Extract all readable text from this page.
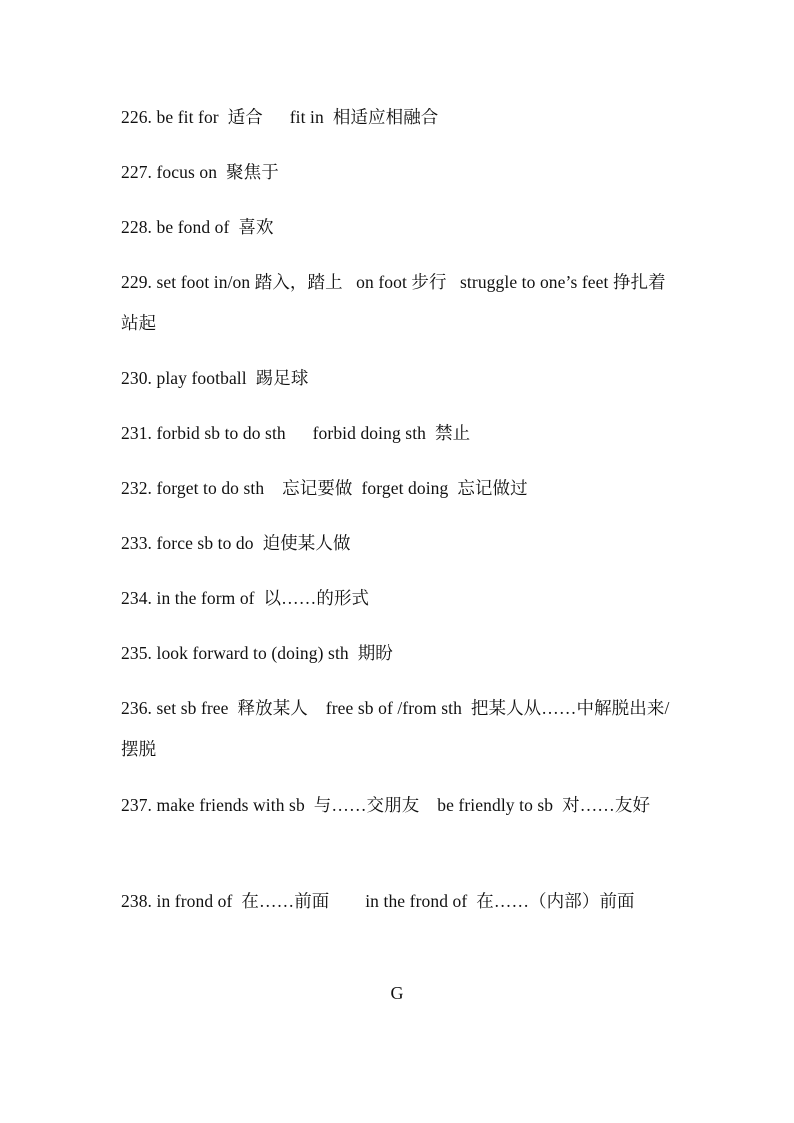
226. be fit for  适合      fit in  相适应相融合
227. focus on  聚焦于
228. be fond of  喜欢
229. set foot in/on 踏入，踏上   on foot 步行   struggle to one’s feet 挣扎着站起
230. play football  踢足球
231. forbid sb to do sth      forbid doing sth  禁止
232. forget to do sth    忘记要做  forget doing  忘记做过
233. force sb to do  迫使某人做
234. in the form of  以……的形式
235. look forward to (doing) sth  期盼
236. set sb free  释放某人    free sb of /from sth  把某人从……中解脱出来/摆脱
237. make friends with sb  与……交朋友    be friendly to sb  对……友好
238. in frond of  在……前面        in the frond of  在……（内部）前面
G
